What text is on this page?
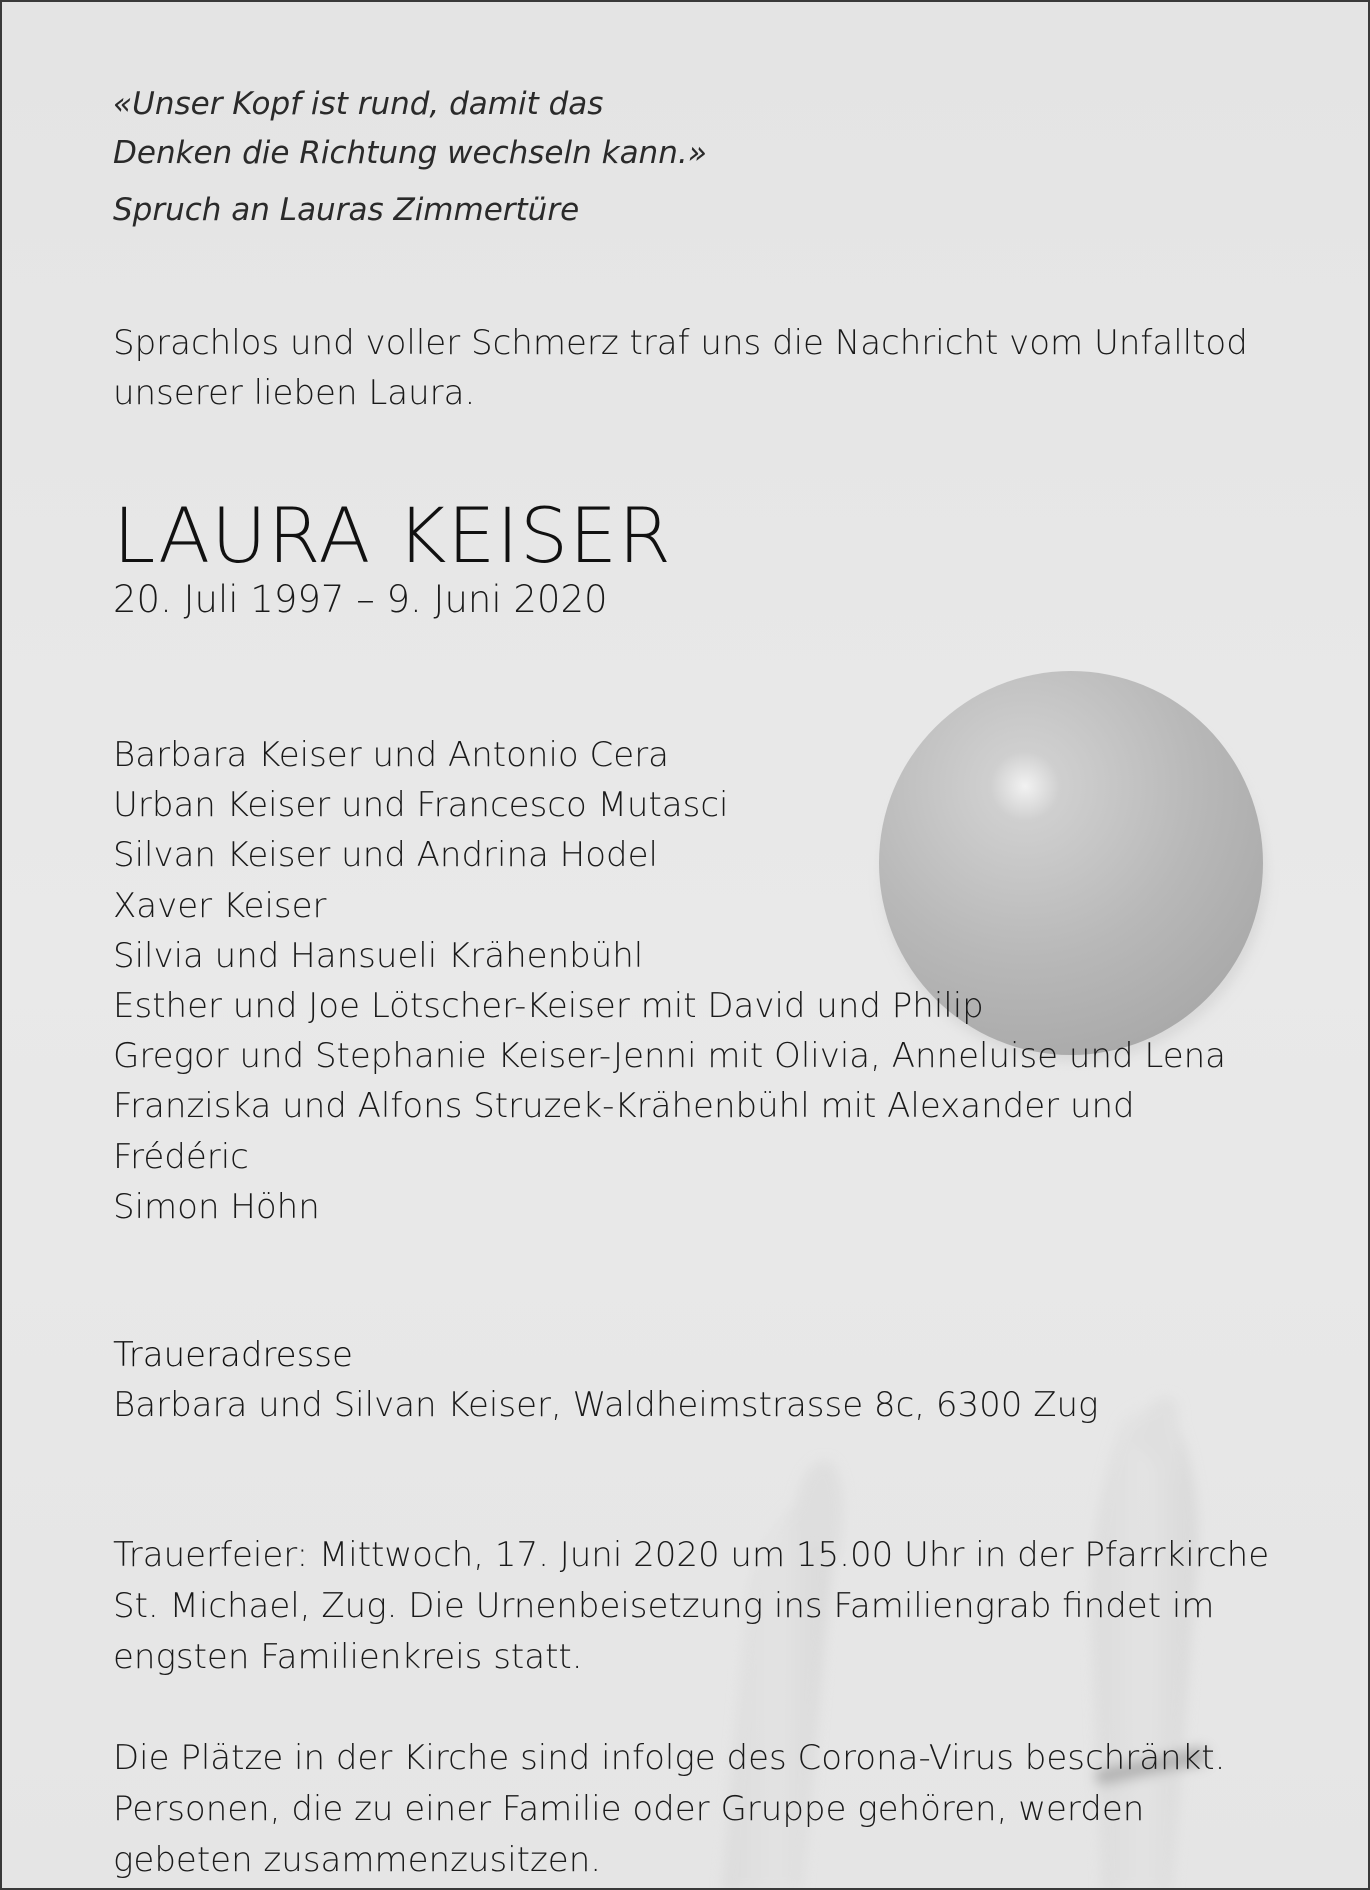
«Unser Kopf ist rund, damit das
Denken die Richtung wechseln kann.»
Spruch an Lauras Zimmertüre
Sprachlos und voller Schmerz traf uns die Nachricht vom Unfalltod
unserer lieben Laura.
LAURA KEISER
20. Juli 1997 – 9. Juni 2020
Barbara Keiser und Antonio Cera
Urban Keiser und Francesco Mutasci
Silvan Keiser und Andrina Hodel
Xaver Keiser
Silvia und Hansueli Krähenbühl
Esther und Joe Lötscher-Keiser mit David und Philip
Gregor und Stephanie Keiser-Jenni mit Olivia, Anneluise und Lena
Franziska und Alfons Struzek-Krähenbühl mit Alexander und Frédéric
Simon Höhn
Traueradresse
Barbara und Silvan Keiser, Waldheimstrasse 8c, 6300 Zug
Trauerfeier: Mittwoch, 17. Juni 2020 um 15.00 Uhr in der Pfarrkirche
St. Michael, Zug. Die Urnenbeisetzung ins Familiengrab findet im
engsten Familienkreis statt.
Die Plätze in der Kirche sind infolge des Corona-Virus beschränkt.
Personen, die zu einer Familie oder Gruppe gehören, werden
gebeten zusammenzusitzen.
